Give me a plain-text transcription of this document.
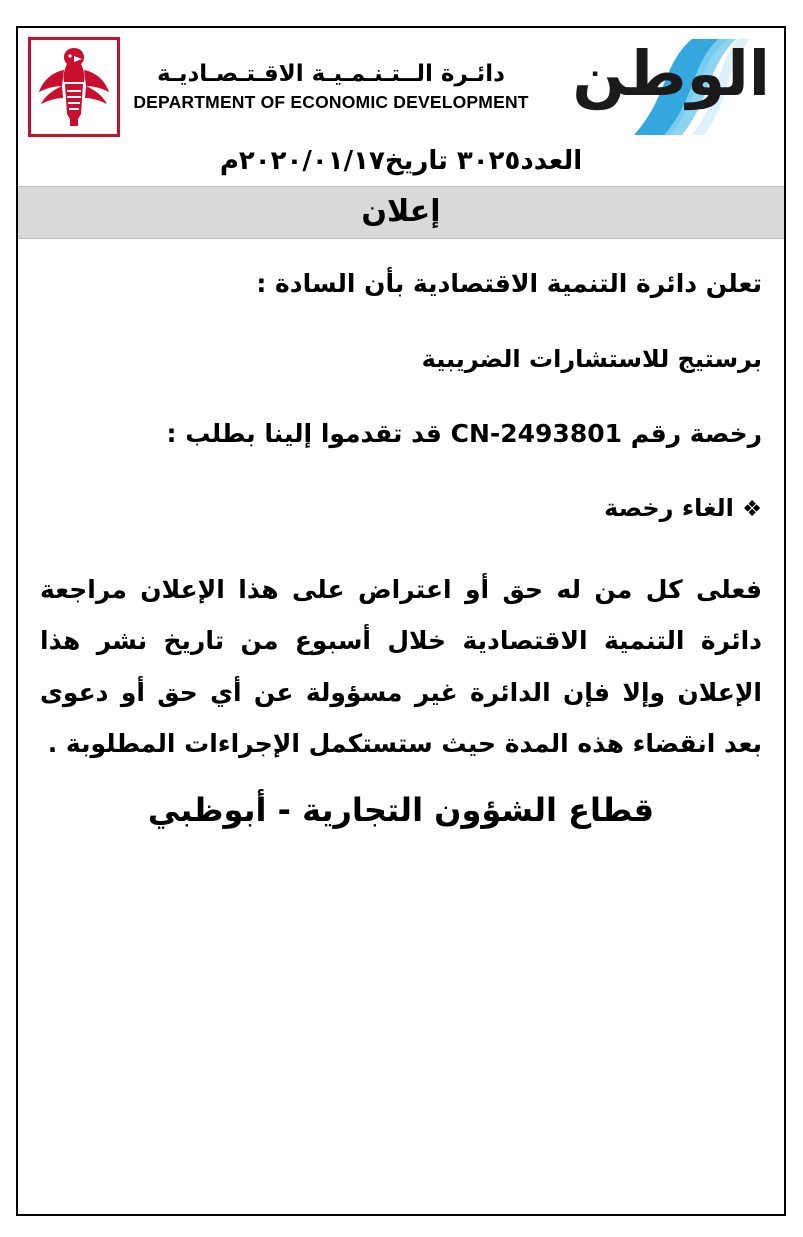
دائـرة الــتـنـمـيـة الاقـتـصـاديـة
DEPARTMENT OF ECONOMIC DEVELOPMENT الوطن
العدد٣٠٢٥ تاريخ٢٠٢٠/٠١/١٧م
إعلان

تعلن دائرة التنمية الاقتصادية بأن السادة :

برستيج للاستشارات الضريبية

رخصة رقم CN-2493801 قد تقدموا إلينا بطلب :

❖ الغاء رخصة

فعلى كل من له حق أو اعتراض على هذا الإعلان مراجعة دائرة التنمية الاقتصادية خلال أسبوع من تاريخ نشر هذا الإعلان وإلا فإن الدائرة غير مسؤولة عن أي حق أو دعوى بعد انقضاء هذه المدة حيث ستستكمل الإجراءات المطلوبة .

قطاع الشؤون التجارية - أبوظبي
